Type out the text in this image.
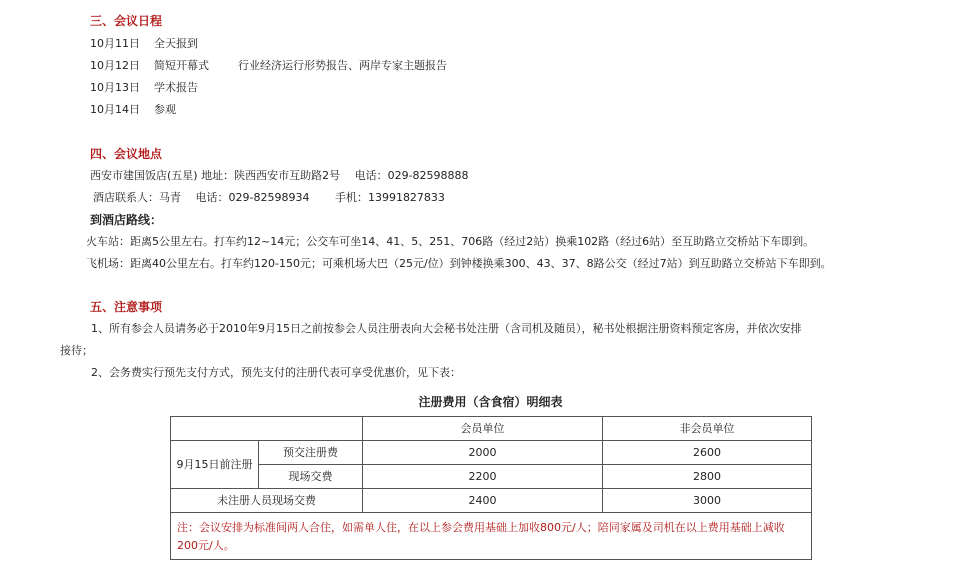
三、会议日程
10月11日 全天报到
10月12日 简短开幕式	行业经济运行形势报告、两岸专家主题报告
10月13日 学术报告
10月14日 参观
四、会议地点
西安市建国饭店(五星) 地址：陕西西安市互助路2号　 电话：029-82598888
酒店联系人：马青　 电话：029-82598934　　 手机：13991827833
到酒店路线：
火车站：距离5公里左右。打车约12~14元；公交车可坐14、41、5、251、706路（经过2站）换乘102路（经过6站）至互助路立交桥站下车即到。
飞机场：距离40公里左右。打车约120-150元；可乘机场大巴（25元/位）到钟楼换乘300、43、37、8路公交（经过7站）到互助路立交桥站下车即到。
五、注意事项
1、所有参会人员请务必于2010年9月15日之前按参会人员注册表向大会秘书处注册（含司机及随员），秘书处根据注册资料预定客房，并依次安排
接待；
2、会务费实行预先支付方式，预先支付的注册代表可享受优惠价，见下表：
注册费用（含食宿）明细表
		会员单位	非会员单位
9月15日前注册	预交注册费	2000	2600
	现场交费	2200	2800
未注册人员现场交费		2400	3000
注：会议安排为标准间两人合住，如需单人住，在以上参会费用基础上加收800元/人；陪同家属及司机在以上费用基础上减收200元/人。			
